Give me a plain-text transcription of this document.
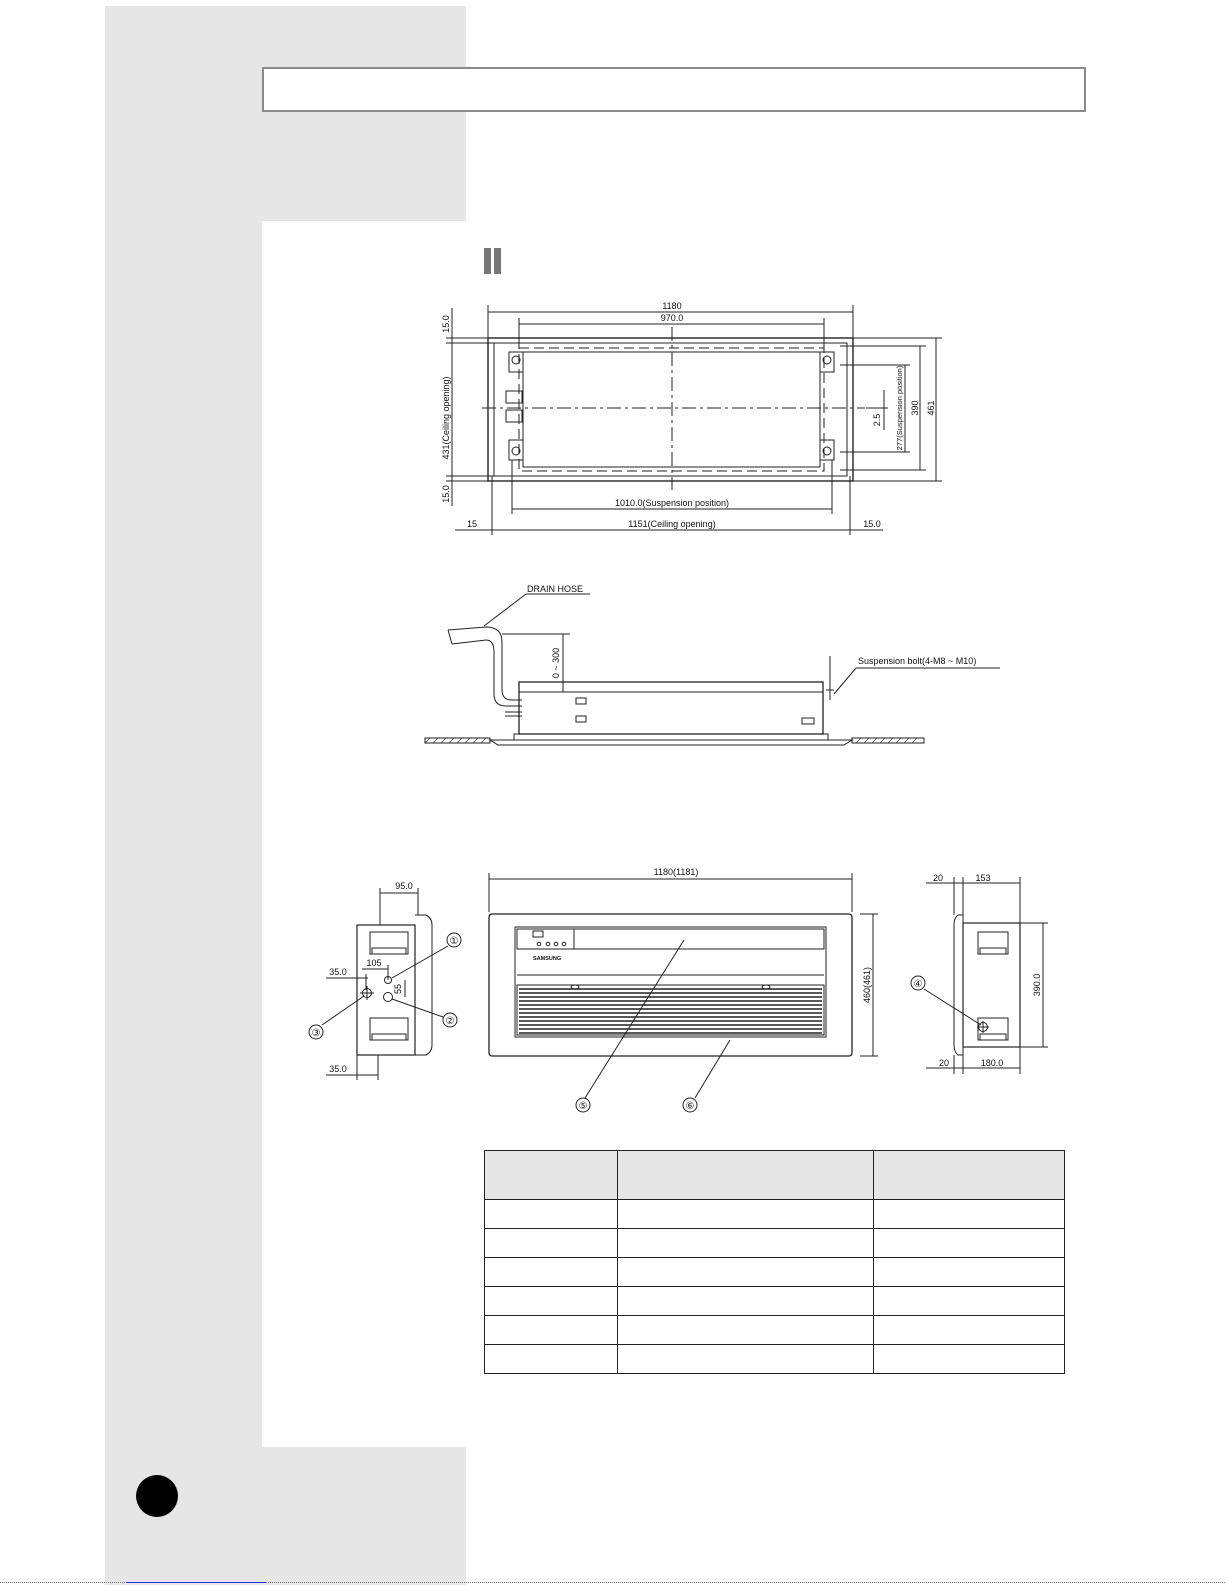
1180
970.0
15.0
431(Ceiling opening)
15.0
2.5 277(Suspension position) 390 461
1010.0(Suspension position)
15	1151(Ceiling opening)	15.0
DRAIN HOSE
0 ~ 300	Suspension bolt(4-M8 ~ M10)
95.0
105
35.0
55
35.0
①
②
③
SAMSUNG
1180(1181)
460(461)
⑤	⑥
20	153
390.0
20	180.0
④
